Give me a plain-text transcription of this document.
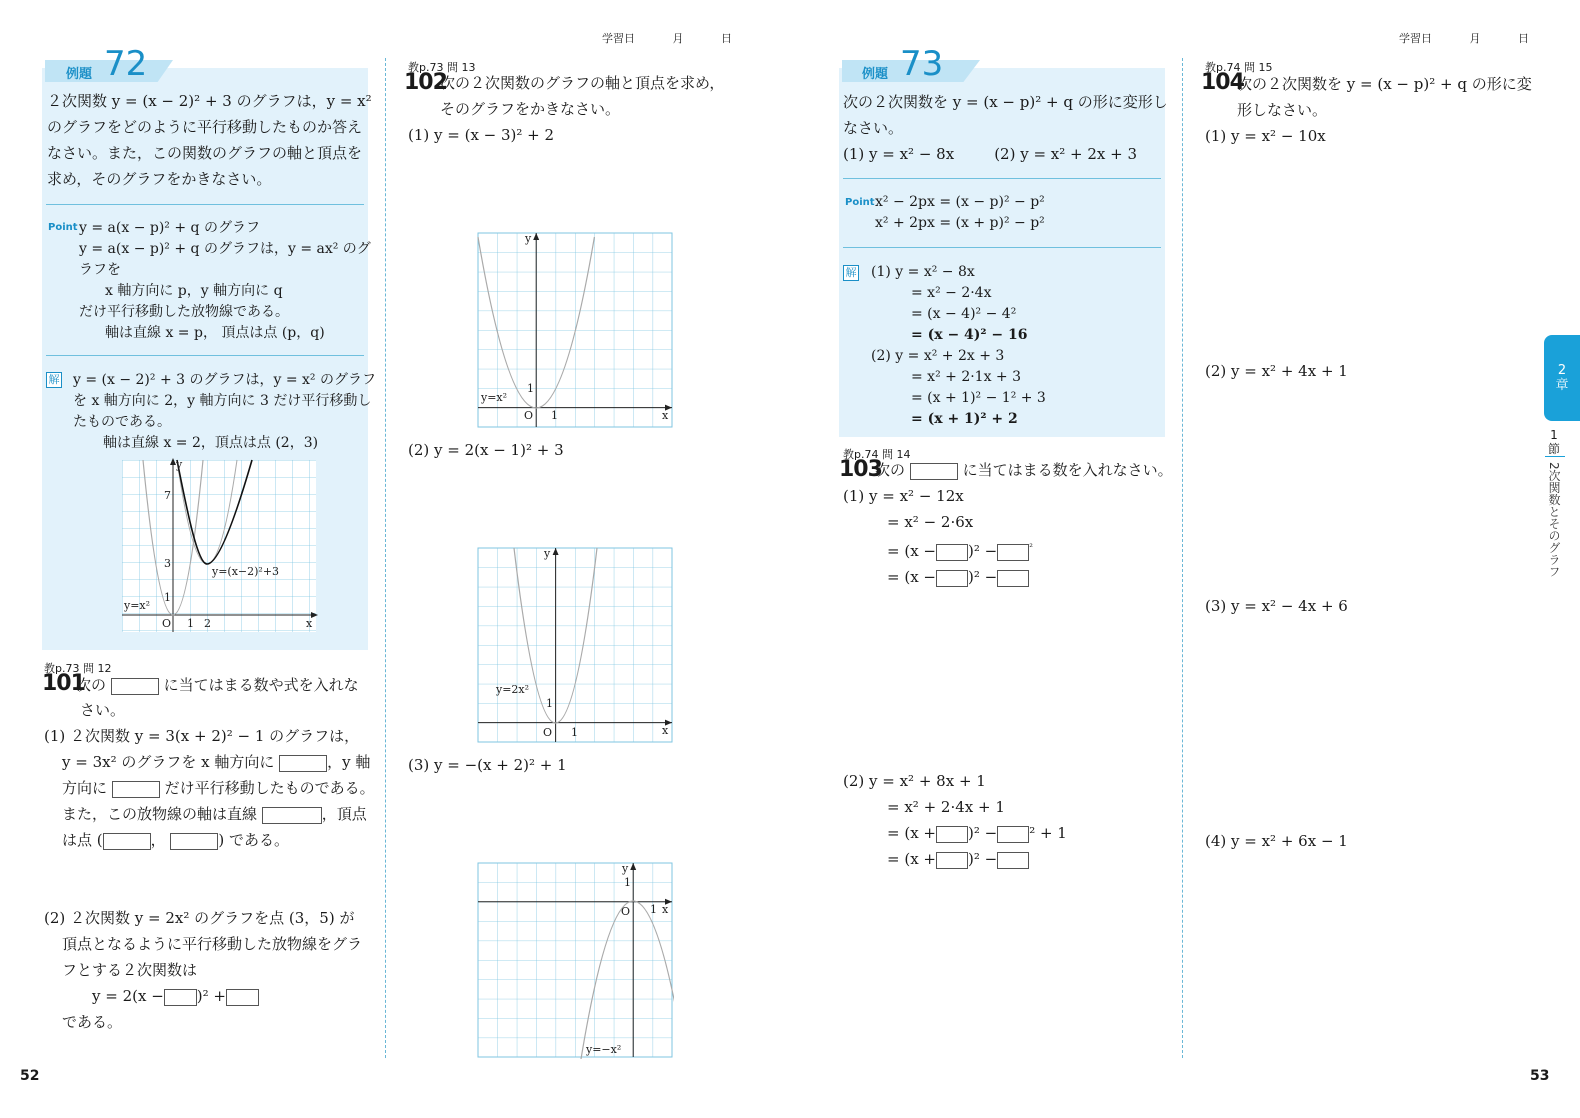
学習日	月	日	学習日	月	日
52	53
2
章
1
節
2次関数とそのグラフ
例題 72
２次関数 y = (x − 2)² + 3 のグラフは，y = x²
のグラフをどのように平行移動したものか答え
なさい。また，この関数のグラフの軸と頂点を
求め，そのグラフをかきなさい。
Point y = a(x − p)² + q のグラフ
y = a(x − p)² + q のグラフは，y = ax² のグ
ラフを
x 軸方向に p，y 軸方向に q
だけ平行移動した放物線である。
軸は直線 x = p， 頂点は点 (p，q)
解 y = (x − 2)² + 3 のグラフは，y = x² のグラフ
を x 軸方向に 2，y 軸方向に 3 だけ平行移動し
たものである。
軸は直線 x = 2，頂点は点 (2，3)
y
x
O 1 2
3
7
1
y=x²
y=(x−2)²+3
教p.73 問 12
101
次の	に当てはまる数や式を入れな
さい。
(1) ２次関数 y = 3(x + 2)² − 1 のグラフは，
y = 3x² のグラフを x 軸方向に	，y 軸
方向に	だけ平行移動したものである。
また，この放物線の軸は直線	，頂点
は点 (	，	) である。
(2) ２次関数 y = 2x² のグラフを点 (3，5) が
頂点となるように平行移動した放物線をグラ
フとする２次関数は
y = 2(x − )² +
である。
教p.73 問 13
102
次の２次関数のグラフの軸と頂点を求め，
そのグラフをかきなさい。
(1) y = (x − 3)² + 2
(2) y = 2(x − 1)² + 3
(3) y = −(x + 2)² + 1
y
x
O 1
1
y=x²
y
x
O 1
1
y=2x²
y
x
O 1
1
y=−x²
例題 73
次の２次関数を y = (x − p)² + q の形に変形し
なさい。
(1) y = x² − 8x	(2) y = x² + 2x + 3
Point x² − 2px = (x − p)² − p²
x² + 2px = (x + p)² − p²
解 (1) y = x² − 8x
= x² − 2·4x
= (x − 4)² − 4²
= (x − 4)² − 16
(2) y = x² + 2x + 3
= x² + 2·1x + 3
= (x + 1)² − 1² + 3
= (x + 1)² + 2
教p.74 問 14
103
次の	に当てはまる数を入れなさい。
(1) y = x² − 12x
= x² − 2·6x
= (x − )² −	$^{^2}$
= (x − )² −
(2) y = x² + 8x + 1
= x² + 2·4x + 1
= (x + )² − ² + 1
= (x + )² −
教p.74 問 15
104
次の２次関数を y = (x − p)² + q の形に変
形しなさい。
(1) y = x² − 10x
(2) y = x² + 4x + 1
(3) y = x² − 4x + 6
(4) y = x² + 6x − 1
